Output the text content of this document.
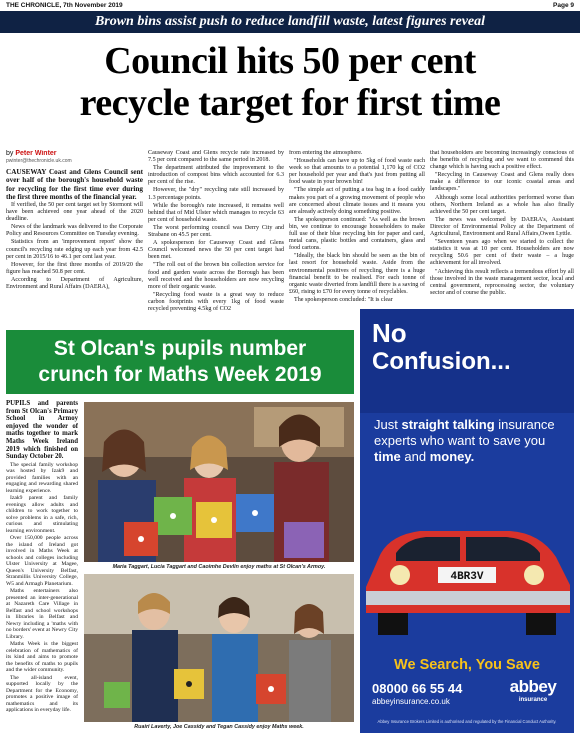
THE CHRONICLE, 7th November 2019	Page 9
Brown bins assist push to reduce landfill waste, latest figures reveal
Council hits 50 per cent
recycle target for first time
by Peter Winter
pwinter@thechronicle.uk.com

CAUSEWAY Coast and Glens Council sent over half of the borough's household waste for recycling for the first time ever during the first three months of the financial year.

If verified, the 50 per cent target set by Stormont will have been achieved one year ahead of the 2020 deadline.

News of the landmark was delivered to the Corporate Policy and Resources Committee on Tuesday evening.

Statistics from an 'improvement report' show the council's recycling rate edging up each year from 42.5 per cent in 2015/16 to 46.1 per cent last year.

However, for the first three months of 2019/20 the figure has reached 50.8 per cent.

According to Department of Agriculture, Environment and Rural Affairs (DAERA),

Causeway Coast and Glens recycle rate increased by 7.5 per cent compared to the same period in 2018.

The department attributed the improvement to the introduction of compost bins which accounted for 6.3 per cent of the rise.

However, the "dry" recycling rate still increased by 1.3 percentage points.

While the borough's rate increased, it remains well behind that of Mid Ulster which manages to recycle 63 per cent of household waste.

The worst performing council was Derry City and Strabane on 45.5 per cent.

A spokesperson for Causeway Coast and Glens Council welcomed news the 50 per cent target had been met.

"The roll out of the brown bin collection service for food and garden waste across the Borough has been well received and the householders are now recycling more of their organic waste.

"Recycling food waste is a great way to reduce carbon footprints with every 1kg of food waste recycled preventing 4.5kg of CO2

from entering the atmosphere.

"Households can have up to 5kg of food waste each week so that amounts to a potential 1,170 kg of CO2 per household per year and that's just from putting all food waste in your brown bin!

"The simple act of putting a tea bag in a food caddy makes you part of a growing movement of people who are concerned about climate issues and it means you are already actively doing something positive.

The spokesperson continued: "As well as the brown bin, we continue to encourage householders to make full use of their blue recycling bin for paper and card, metal cans, plastic bottles and containers, glass and food cartons.

"Ideally, the black bin should be seen as the bin of last resort for household waste. Aside from the environmental positives of recycling, there is a huge financial benefit to be realised. For each tonne of organic waste diverted from landfill there is a saving of £60, rising to £70 for every tonne of recyclables.

The spokesperson concluded: "It is clear

that householders are becoming increasingly conscious of the benefits of recycling and we want to commend this change which is having such a positive effect.

"Recycling in Causeway Coast and Glens really does make a difference to our iconic coastal areas and landscapes."

Although some local authorities performed worse than others, Northern Ireland as a whole has also finally achieved the 50 per cent target.

The news was welcomed by DAERA's, Assistant Director of Environmental Policy at the Department of Agricultural, Environment and Rural Affairs,Owen Lyttle.

"Seventeen years ago when we started to collect the statistics it was at 10 per cent. Householders are now recycling 50.6 per cent of their waste – a huge achievement for all involved.

"Achieving this result reflects a tremendous effort by all those involved in the waste management sector, local and central government, reprocessing sector, the voluntary sector and of course the public.

St Olcan's pupils number
crunch for Maths Week 2019

PUPILS and parents from St Olcan's Primary School in Armoy enjoyed the wonder of maths together to mark Maths Week Ireland 2019 which finished on Sunday October 20.

The special family workshop was hosted by Izak9 and provided families with an engaging and rewarding shared learning experience.

Izak9 parent and family evenings allow adults and children to work together to solve problems in a safe, rich, curious and stimulating learning environment.

Over 150,000 people across the island of Ireland got involved in Maths Week at schools and colleges including Ulster University at Magee, Queen's University Belfast, Stranmillis University College, W5 and Armagh Planetarium.

Maths entertainers also presented an inter-generational at Nazareth Care Village in Belfast and school workshops in libraries in Belfast and Newry including a 'maths with no borders' event at Newry City Library.

Maths Week is the biggest celebration of mathematics of its kind and aims to promote the benefits of maths to pupils and the wider community.

The all-island event, supported locally by the Department for the Economy, promotes a positive image of mathematics and its applications in everyday life.

Maria Taggart, Lucia Taggart and Caoimhe Devlin enjoy maths at St Olcan's Armoy.
Ruairi Laverty, Joe Cassidy and Tegan Cassidy enjoy Maths week.
No
Confusion...
Just straight talking insurance experts who want to save you time and money.
4BR3V
We Search, You Save
08000 66 55 44
abbeyinsurance.co.uk
abbey
insurance
Abbey Insurance Brokers Limited is authorised and regulated by the Financial Conduct Authority.
